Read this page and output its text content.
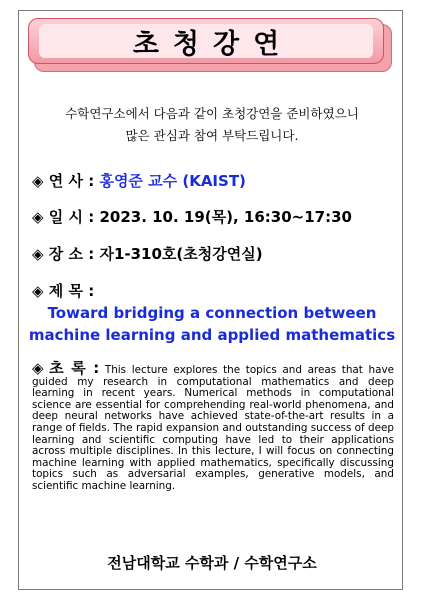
초청강연
수학연구소에서 다음과 같이 초청강연을 준비하였으니
많은 관심과 참여 부탁드립니다.
◈ 연 사 : 홍영준 교수 (KAIST)
◈ 일 시 : 2023. 10. 19(목), 16:30~17:30
◈ 장 소 : 자1-310호(초청강연실)
◈ 제 목 :
Toward bridging a connection between
machine learning and applied mathematics
◈ 초 록 : This lecture explores the topics and areas that have guided my research in computational mathematics and deep learning in recent years. Numerical methods in computational science are essential for comprehending real-world phenomena, and deep neural networks have achieved state-of-the-art results in a range of fields. The rapid expansion and outstanding success of deep learning and scientific computing have led to their applications across multiple disciplines. In this lecture, I will focus on connecting machine learning with applied mathematics, specifically discussing topics such as adversarial examples, generative models, and scientific machine learning.
전남대학교 수학과 / 수학연구소
